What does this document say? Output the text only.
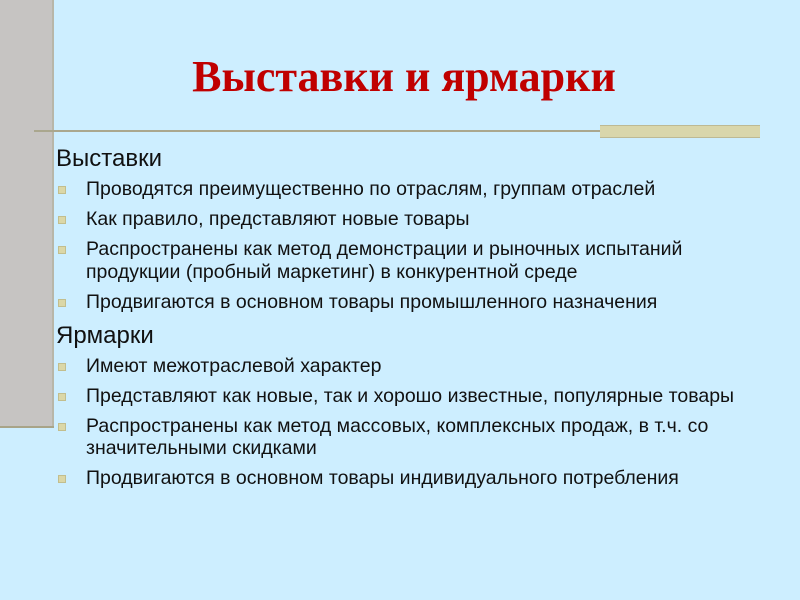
Выставки и ярмарки
Выставки
Проводятся преимущественно по отраслям, группам отраслей
Как правило, представляют новые товары
Распространены как метод демонстрации и рыночных испытаний продукции (пробный маркетинг) в конкурентной среде
Продвигаются в основном товары промышленного назначения
Ярмарки
Имеют межотраслевой характер
Представляют как новые, так и хорошо известные, популярные товары
Распространены как метод массовых, комплексных продаж, в т.ч. со значительными скидками
Продвигаются в основном товары индивидуального потребления
